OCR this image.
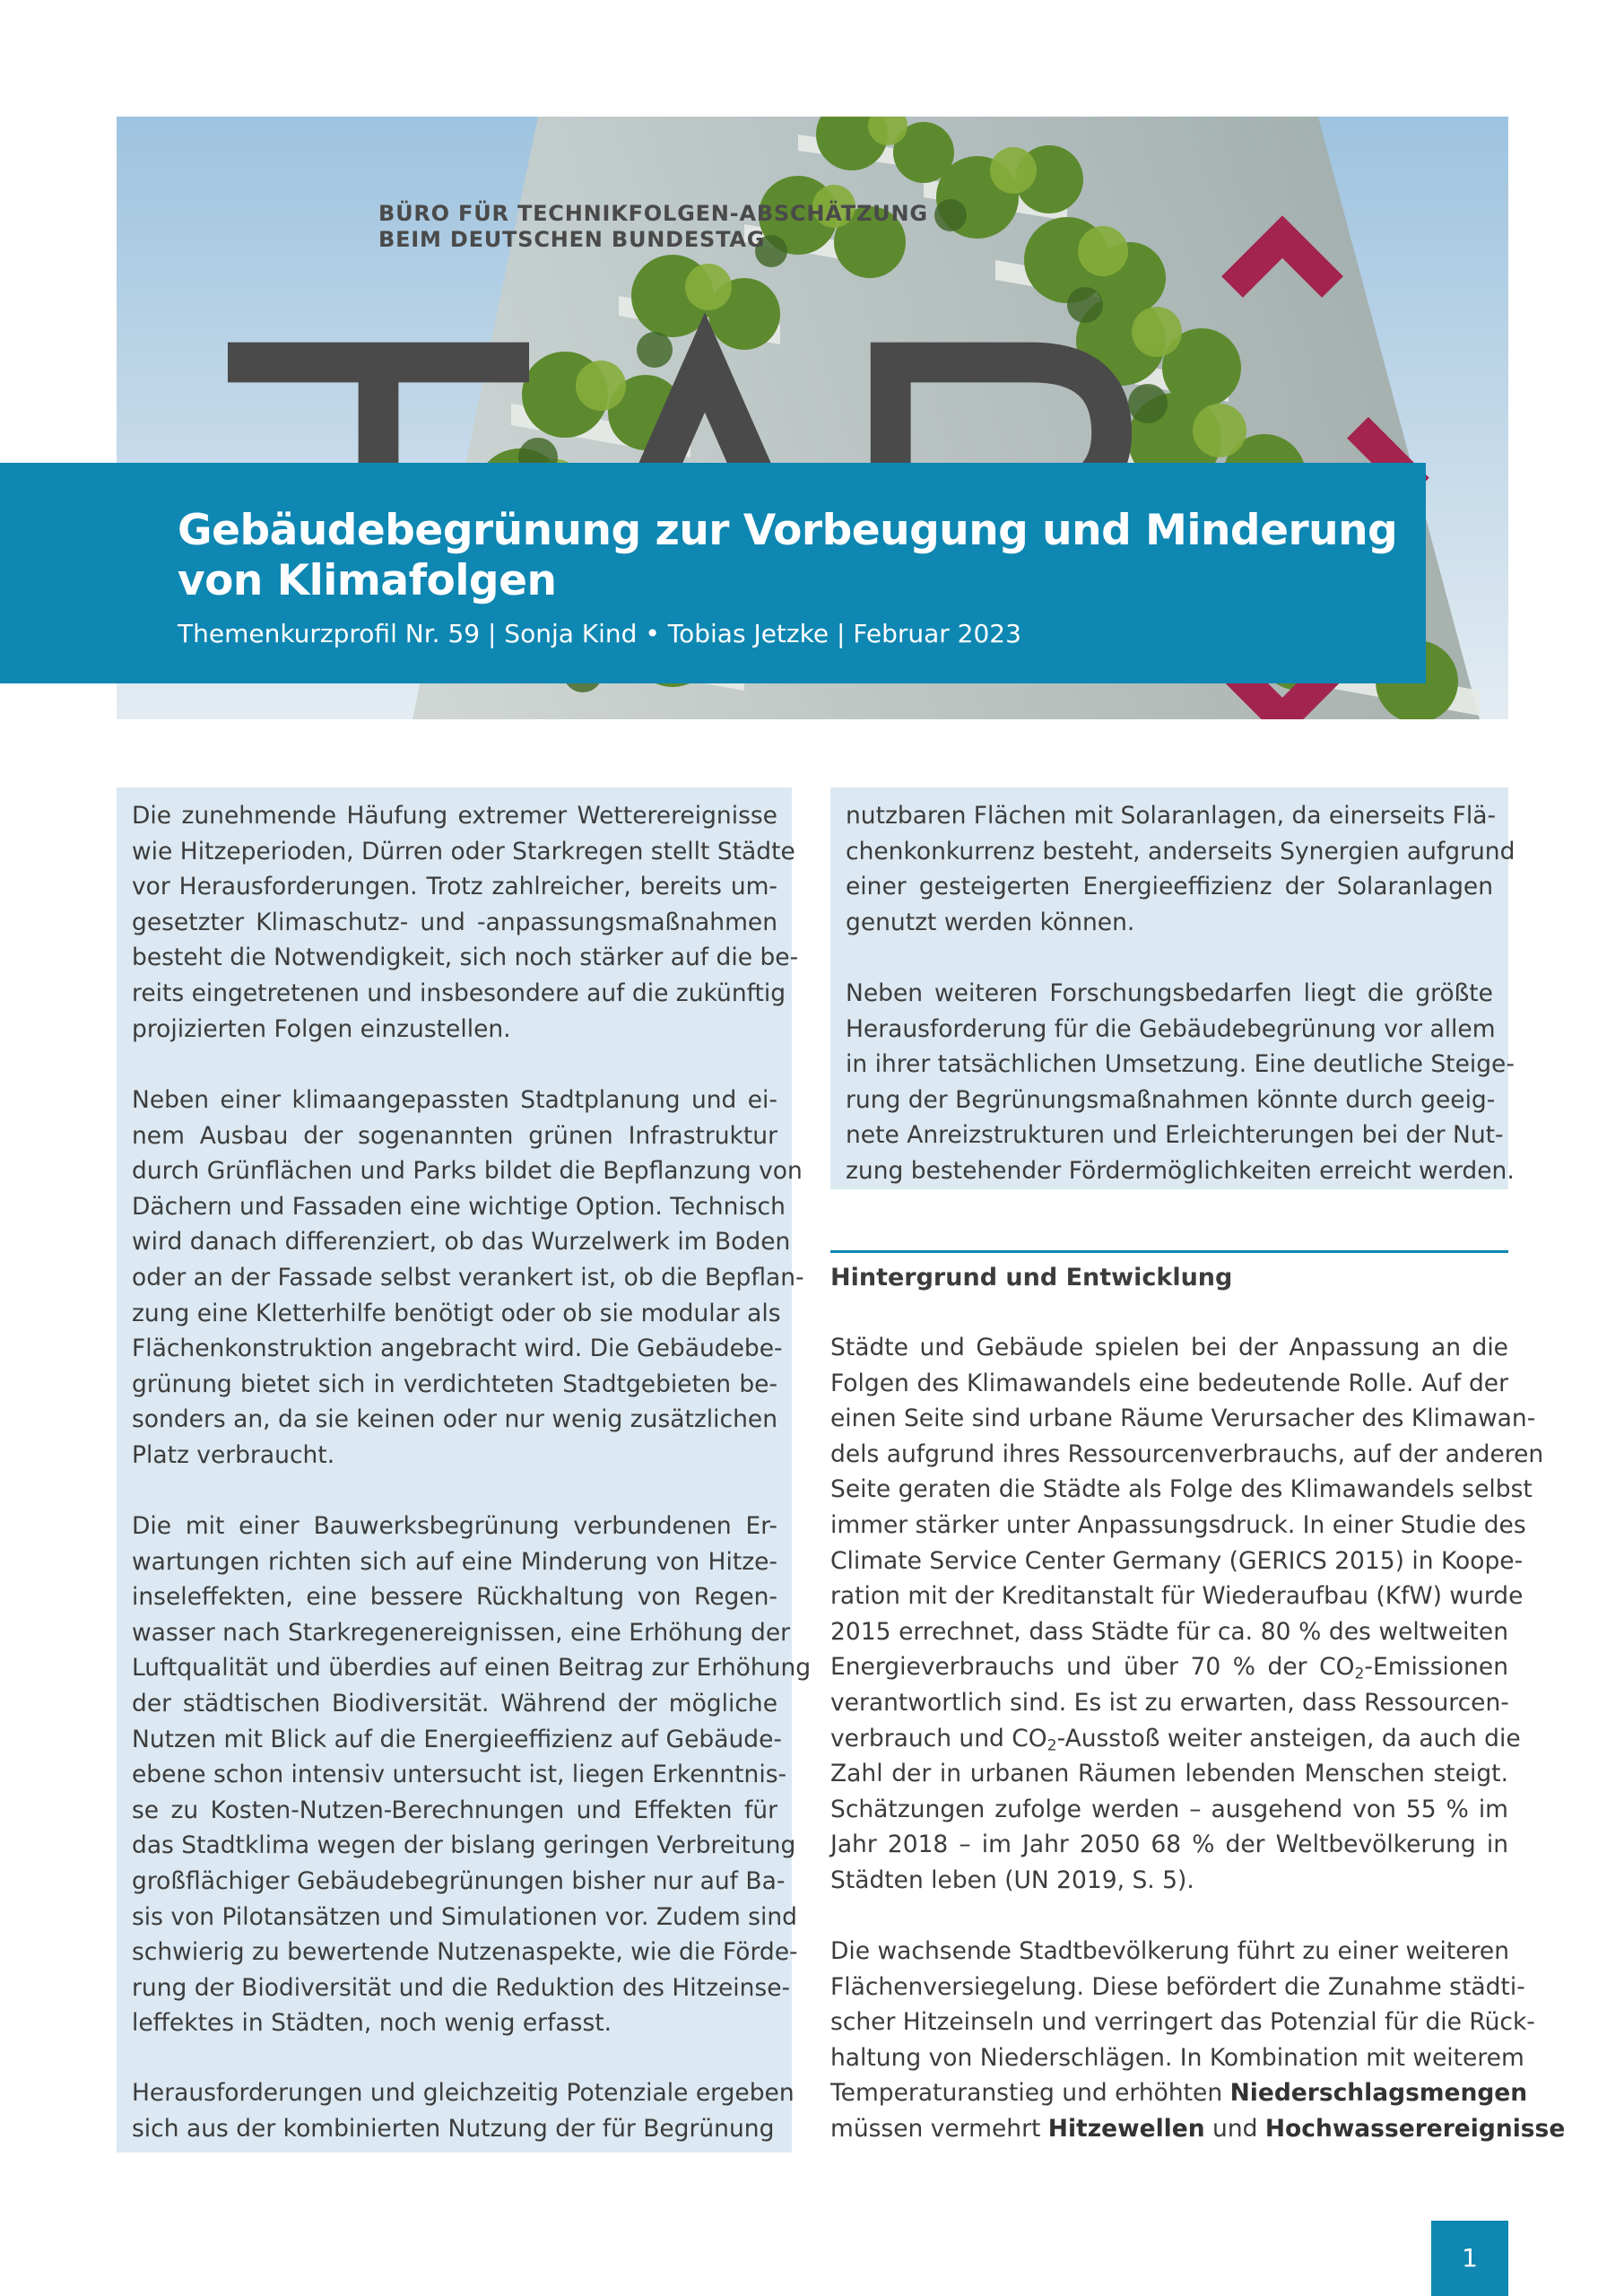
BÜRO FÜR TECHNIKFOLGEN-ABSCHÄTZUNG
BEIM DEUTSCHEN BUNDESTAG
Gebäudebegrünung zur Vorbeugung und Minderung
von Klimafolgen
Themenkurzprofil Nr. 59 | Sonja Kind • Tobias Jetzke | Februar 2023

Die zunehmende Häufung extremer Wetterereignisse
wie Hitzeperioden, Dürren oder Starkregen stellt Städte
vor Herausforderungen. Trotz zahlreicher, bereits um-
gesetzter Klimaschutz- und -anpassungsmaßnahmen
besteht die Notwendigkeit, sich noch stärker auf die be-
reits eingetretenen und insbesondere auf die zukünftig
projizierten Folgen einzustellen.

Neben einer klimaangepassten Stadtplanung und ei-
nem Ausbau der sogenannten grünen Infrastruktur
durch Grünflächen und Parks bildet die Bepflanzung von
Dächern und Fassaden eine wichtige Option. Technisch
wird danach differenziert, ob das Wurzelwerk im Boden
oder an der Fassade selbst verankert ist, ob die Bepflan-
zung eine Kletterhilfe benötigt oder ob sie modular als
Flächenkonstruktion angebracht wird. Die Gebäudebe-
grünung bietet sich in verdichteten Stadtgebieten be-
sonders an, da sie keinen oder nur wenig zusätzlichen
Platz verbraucht.

Die mit einer Bauwerksbegrünung verbundenen Er-
wartungen richten sich auf eine Minderung von Hitze-
inseleffekten, eine bessere Rückhaltung von Regen-
wasser nach Starkregenereignissen, eine Erhöhung der
Luftqualität und überdies auf einen Beitrag zur Erhöhung
der städtischen Biodiversität. Während der mögliche
Nutzen mit Blick auf die Energieeffizienz auf Gebäude-
ebene schon intensiv untersucht ist, liegen Erkenntnis-
se zu Kosten-Nutzen-Berechnungen und Effekten für
das Stadtklima wegen der bislang geringen Verbreitung
großflächiger Gebäudebegrünungen bisher nur auf Ba-
sis von Pilotansätzen und Simulationen vor. Zudem sind
schwierig zu bewertende Nutzenaspekte, wie die Förde-
rung der Biodiversität und die Reduktion des Hitzeinse-
leffektes in Städten, noch wenig erfasst.

Herausforderungen und gleichzeitig Potenziale ergeben
sich aus der kombinierten Nutzung der für Begrünung

nutzbaren Flächen mit Solaranlagen, da einerseits Flä-
chenkonkurrenz besteht, anderseits Synergien aufgrund
einer gesteigerten Energieeffizienz der Solaranlagen
genutzt werden können.

Neben weiteren Forschungsbedarfen liegt die größte
Herausforderung für die Gebäudebegrünung vor allem
in ihrer tatsächlichen Umsetzung. Eine deutliche Steige-
rung der Begrünungsmaßnahmen könnte durch geeig-
nete Anreizstrukturen und Erleichterungen bei der Nut-
zung bestehender Fördermöglichkeiten erreicht werden.

Hintergrund und Entwicklung

Städte und Gebäude spielen bei der Anpassung an die
Folgen des Klimawandels eine bedeutende Rolle. Auf der
einen Seite sind urbane Räume Verursacher des Klimawan-
dels aufgrund ihres Ressourcenverbrauchs, auf der anderen
Seite geraten die Städte als Folge des Klimawandels selbst
immer stärker unter Anpassungsdruck. In einer Studie des
Climate Service Center Germany (GERICS 2015) in Koope-
ration mit der Kreditanstalt für Wiederaufbau (KfW) wurde
2015 errechnet, dass Städte für ca. 80 % des weltweiten
Energieverbrauchs und über 70 % der $CO_2$-Emissionen
verantwortlich sind. Es ist zu erwarten, dass Ressourcen-
verbrauch und $CO_2$-Ausstoß weiter ansteigen, da auch die
Zahl der in urbanen Räumen lebenden Menschen steigt.
Schätzungen zufolge werden – ausgehend von 55 % im
Jahr 2018 – im Jahr 2050 68 % der Weltbevölkerung in
Städten leben (UN 2019, S. 5).

Die wachsende Stadtbevölkerung führt zu einer weiteren
Flächenversiegelung. Diese befördert die Zunahme städti-
scher Hitzeinseln und verringert das Potenzial für die Rück-
haltung von Niederschlägen. In Kombination mit weiterem
Temperaturanstieg und erhöhten Niederschlagsmengen
müssen vermehrt Hitzewellen und Hochwasserereignisse

1
